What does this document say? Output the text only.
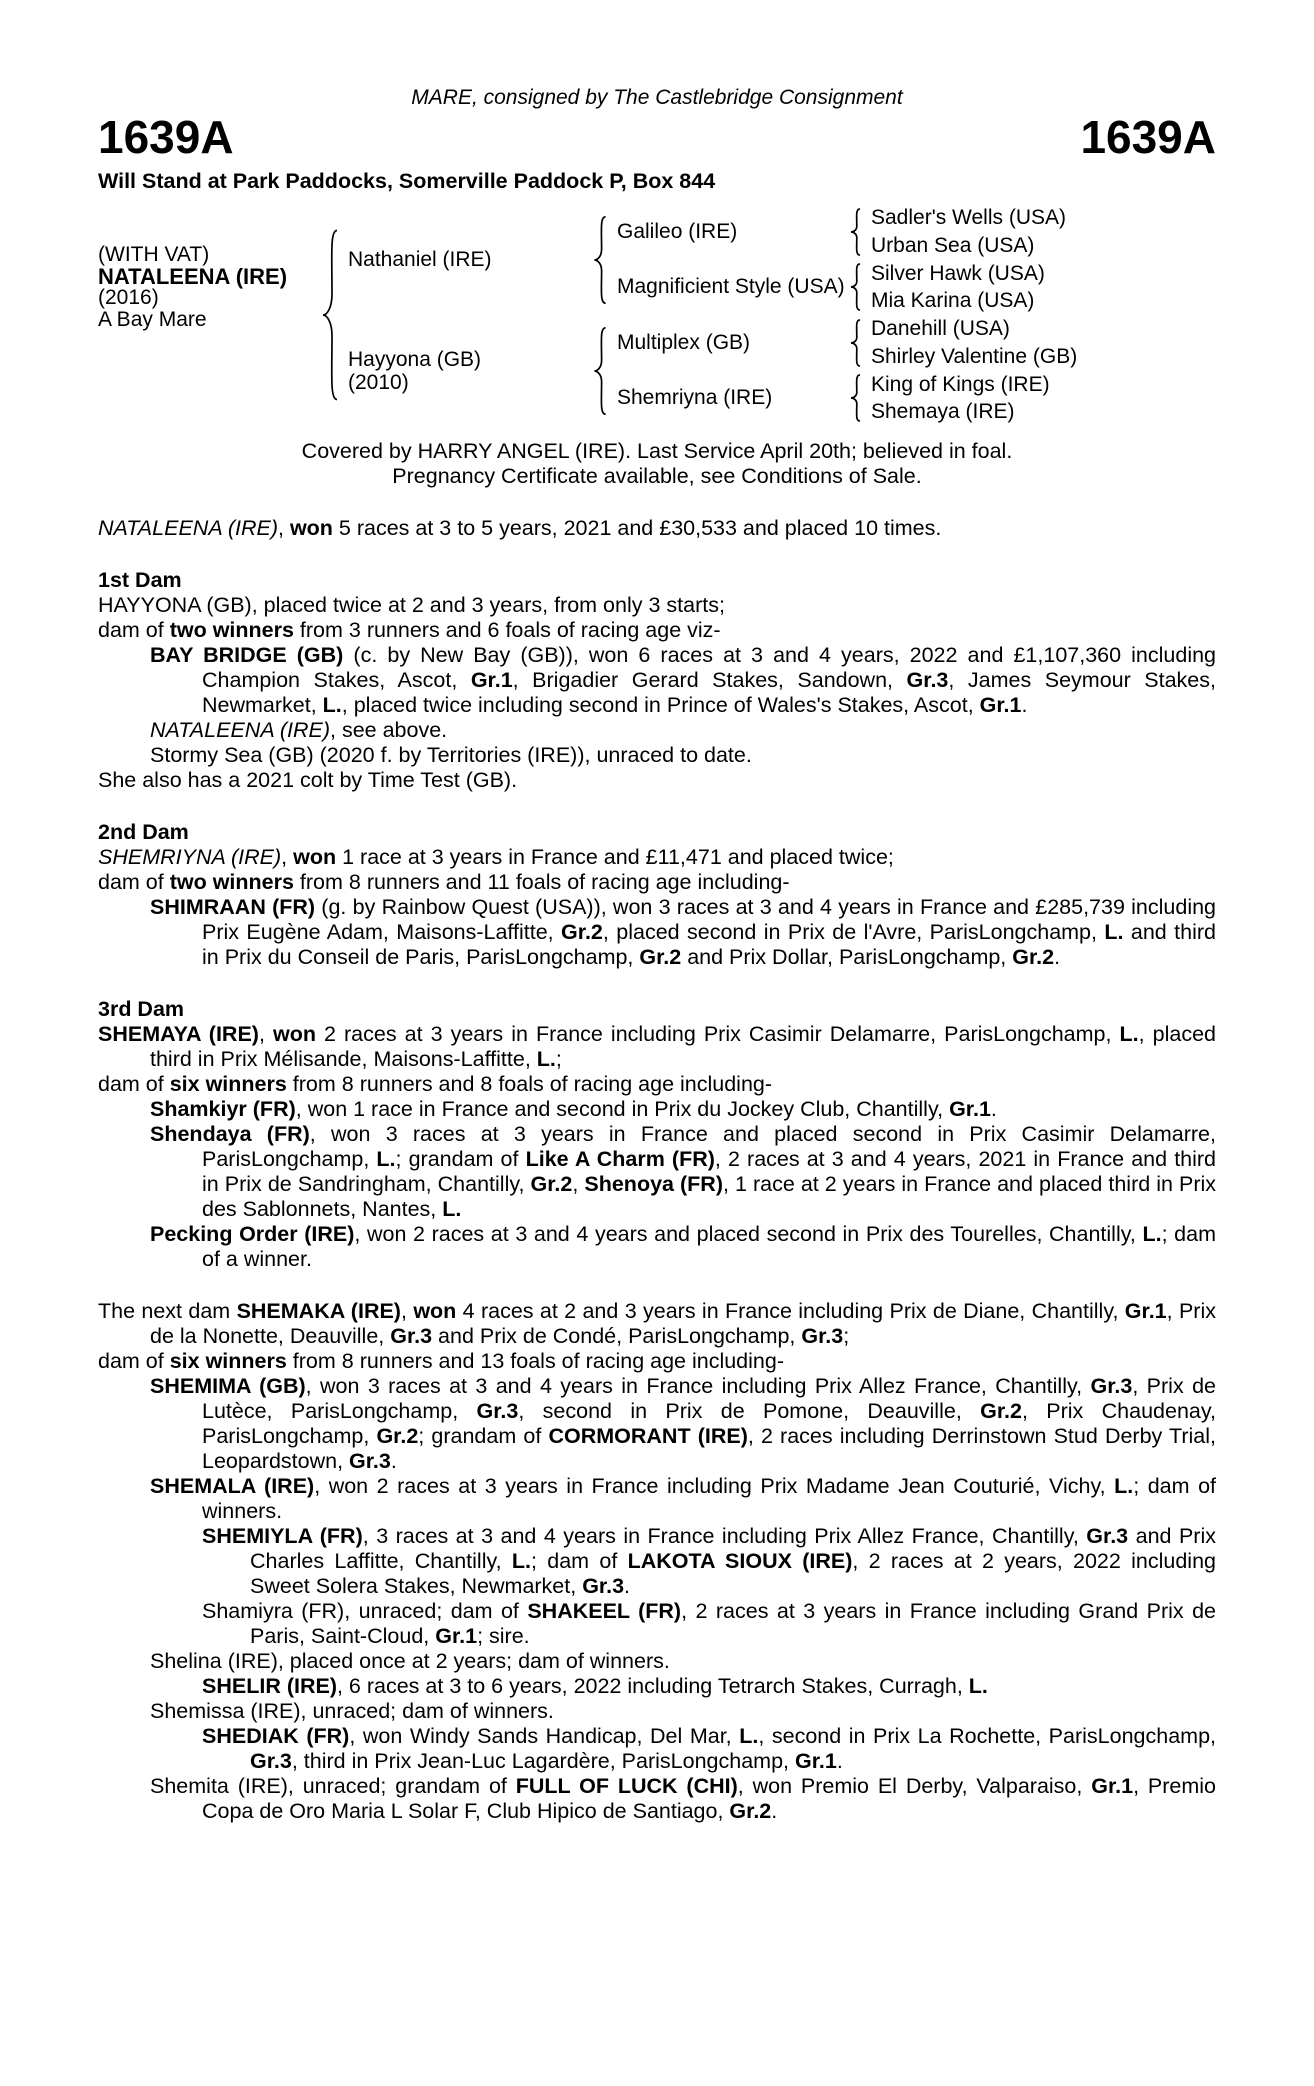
MARE, consigned by The Castlebridge Consignment
1639A	1639A
Will Stand at Park Paddocks, Somerville Paddock P, Box 844
(WITH VAT)
NATALEENA (IRE)
(2016)
A Bay Mare
Nathaniel (IRE)
Galileo (IRE)
Sadler's Wells (USA)
Urban Sea (USA)
Magnificient Style (USA)
Silver Hawk (USA)
Mia Karina (USA)
Hayyona (GB)
(2010)
Multiplex (GB)
Danehill (USA)
Shirley Valentine (GB)
Shemriyna (IRE)
King of Kings (IRE)
Shemaya (IRE)
Covered by HARRY ANGEL (IRE). Last Service April 20th; believed in foal.
Pregnancy Certificate available, see Conditions of Sale.

NATALEENA (IRE), won 5 races at 3 to 5 years, 2021 and £30,533 and placed 10 times.

1st Dam

HAYYONA (GB), placed twice at 2 and 3 years, from only 3 starts;

dam of two winners from 3 runners and 6 foals of racing age viz-

BAY BRIDGE (GB) (c. by New Bay (GB)), won 6 races at 3 and 4 years, 2022 and £1,107,360 including Champion Stakes, Ascot, Gr.1, Brigadier Gerard Stakes, Sandown, Gr.3, James Seymour Stakes, Newmarket, L., placed twice including second in Prince of Wales's Stakes, Ascot, Gr.1.

NATALEENA (IRE), see above.

Stormy Sea (GB) (2020 f. by Territories (IRE)), unraced to date.

She also has a 2021 colt by Time Test (GB).

2nd Dam

SHEMRIYNA (IRE), won 1 race at 3 years in France and £11,471 and placed twice;

dam of two winners from 8 runners and 11 foals of racing age including-

SHIMRAAN (FR) (g. by Rainbow Quest (USA)), won 3 races at 3 and 4 years in France and £285,739 including Prix Eugène Adam, Maisons-Laffitte, Gr.2, placed second in Prix de l'Avre, ParisLongchamp, L. and third in Prix du Conseil de Paris, ParisLongchamp, Gr.2 and Prix Dollar, ParisLongchamp, Gr.2.

3rd Dam

SHEMAYA (IRE), won 2 races at 3 years in France including Prix Casimir Delamarre, ParisLongchamp, L., placed third in Prix Mélisande, Maisons-Laffitte, L.;

dam of six winners from 8 runners and 8 foals of racing age including-

Shamkiyr (FR), won 1 race in France and second in Prix du Jockey Club, Chantilly, Gr.1.

Shendaya (FR), won 3 races at 3 years in France and placed second in Prix Casimir Delamarre, ParisLongchamp, L.; grandam of Like A Charm (FR), 2 races at 3 and 4 years, 2021 in France and third in Prix de Sandringham, Chantilly, Gr.2, Shenoya (FR), 1 race at 2 years in France and placed third in Prix des Sablonnets, Nantes, L.

Pecking Order (IRE), won 2 races at 3 and 4 years and placed second in Prix des Tourelles, Chantilly, L.; dam of a winner.

The next dam SHEMAKA (IRE), won 4 races at 2 and 3 years in France including Prix de Diane, Chantilly, Gr.1, Prix de la Nonette, Deauville, Gr.3 and Prix de Condé, ParisLongchamp, Gr.3;

dam of six winners from 8 runners and 13 foals of racing age including-

SHEMIMA (GB), won 3 races at 3 and 4 years in France including Prix Allez France, Chantilly, Gr.3, Prix de Lutèce, ParisLongchamp, Gr.3, second in Prix de Pomone, Deauville, Gr.2, Prix Chaudenay, ParisLongchamp, Gr.2; grandam of CORMORANT (IRE), 2 races including Derrinstown Stud Derby Trial, Leopardstown, Gr.3.

SHEMALA (IRE), won 2 races at 3 years in France including Prix Madame Jean Couturié, Vichy, L.; dam of winners.

SHEMIYLA (FR), 3 races at 3 and 4 years in France including Prix Allez France, Chantilly, Gr.3 and Prix Charles Laffitte, Chantilly, L.; dam of LAKOTA SIOUX (IRE), 2 races at 2 years, 2022 including Sweet Solera Stakes, Newmarket, Gr.3.

Shamiyra (FR), unraced; dam of SHAKEEL (FR), 2 races at 3 years in France including Grand Prix de Paris, Saint-Cloud, Gr.1; sire.

Shelina (IRE), placed once at 2 years; dam of winners.

SHELIR (IRE), 6 races at 3 to 6 years, 2022 including Tetrarch Stakes, Curragh, L.

Shemissa (IRE), unraced; dam of winners.

SHEDIAK (FR), won Windy Sands Handicap, Del Mar, L., second in Prix La Rochette, ParisLongchamp, Gr.3, third in Prix Jean-Luc Lagardère, ParisLongchamp, Gr.1.

Shemita (IRE), unraced; grandam of FULL OF LUCK (CHI), won Premio El Derby, Valparaiso, Gr.1, Premio Copa de Oro Maria L Solar F, Club Hipico de Santiago, Gr.2.
